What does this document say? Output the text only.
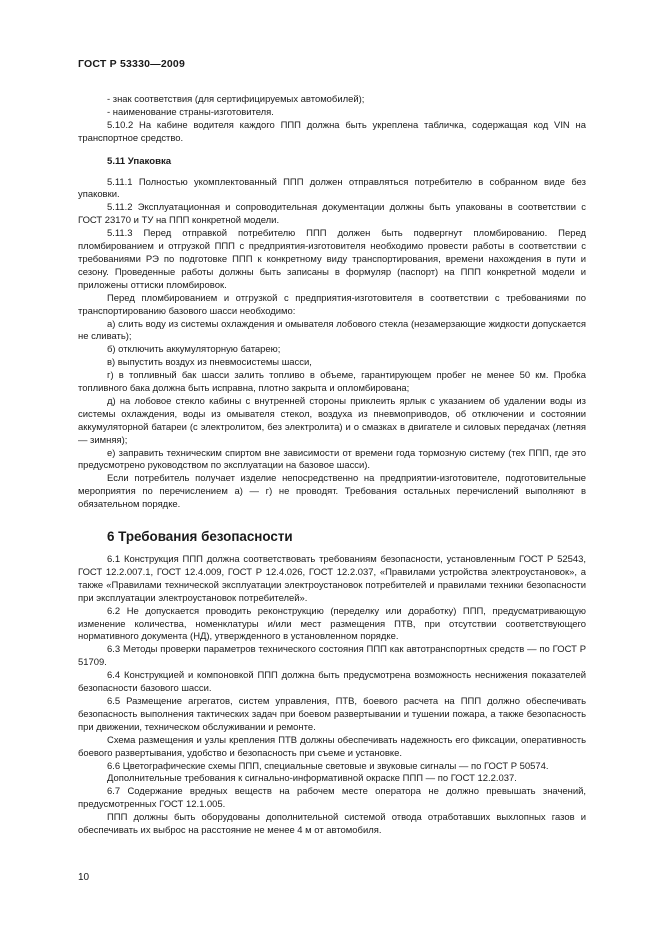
ГОСТ Р 53330—2009

- знак соответствия (для сертифицируемых автомобилей);

- наименование страны-изготовителя.

5.10.2 На кабине водителя каждого ППП должна быть укреплена табличка, содержащая код VIN на транспортное средство.

5.11 Упаковка

5.11.1 Полностью укомплектованный ППП должен отправляться потребителю в собранном виде без упаковки.

5.11.2 Эксплуатационная и сопроводительная документации должны быть упакованы в соответствии с ГОСТ 23170 и ТУ на ППП конкретной модели.

5.11.3 Перед отправкой потребителю ППП должен быть подвергнут пломбированию. Перед пломбированием и отгрузкой ППП с предприятия-изготовителя необходимо провести работы в соответствии с требованиями РЭ по подготовке ППП к конкретному виду транспортирования, времени нахождения в пути и сезону. Проведенные работы должны быть записаны в формуляр (паспорт) на ППП конкретной модели и приложены оттиски пломбировок.

Перед пломбированием и отгрузкой с предприятия-изготовителя в соответствии с требованиями по транспортированию базового шасси необходимо:

а) слить воду из системы охлаждения и омывателя лобового стекла (незамерзающие жидкости допускается не сливать);

б) отключить аккумуляторную батарею;

в) выпустить воздух из пневмосистемы шасси,

г) в топливный бак шасси залить топливо в объеме, гарантирующем пробег не менее 50 км. Пробка топливного бака должна быть исправна, плотно закрыта и опломбирована;

д) на лобовое стекло кабины с внутренней стороны приклеить ярлык с указанием об удалении воды из системы охлаждения, воды из омывателя стекол, воздуха из пневмоприводов, об отключении и состоянии аккумуляторной батареи (с электролитом, без электролита) и о смазках в двигателе и силовых передачах (летняя — зимняя);

е) заправить техническим спиртом вне зависимости от времени года тормозную систему (тех ППП, где это предусмотрено руководством по эксплуатации на базовое шасси).

Если потребитель получает изделие непосредственно на предприятии-изготовителе, подготовительные мероприятия по перечислением а) — г) не проводят. Требования остальных перечислений выполняют в обязательном порядке.

6 Требования безопасности

6.1 Конструкция ППП должна соответствовать требованиям безопасности, установленным ГОСТ Р 52543, ГОСТ 12.2.007.1, ГОСТ 12.4.009, ГОСТ Р 12.4.026, ГОСТ 12.2.037, «Правилами устройства электроустановок», а также «Правилами технической эксплуатации электроустановок потребителей и правилами техники безопасности при эксплуатации электроустановок потребителей».

6.2 Не допускается проводить реконструкцию (переделку или доработку) ППП, предусматривающую изменение количества, номенклатуры и/или мест размещения ПТВ, при отсутствии соответствующего нормативного документа (НД), утвержденного в установленном порядке.

6.3 Методы проверки параметров технического состояния ППП как автотранспортных средств — по ГОСТ Р 51709.

6.4 Конструкцией и компоновкой ППП должна быть предусмотрена возможность неснижения показателей безопасности базового шасси.

6.5 Размещение агрегатов, систем управления, ПТВ, боевого расчета на ППП должно обеспечивать безопасность выполнения тактических задач при боевом развертывании и тушении пожара, а также безопасность при движении, техническом обслуживании и ремонте.

Схема размещения и узлы крепления ПТВ должны обеспечивать надежность его фиксации, оперативность боевого развертывания, удобство и безопасность при съеме и установке.

6.6 Цветографические схемы ППП, специальные световые и звуковые сигналы — по ГОСТ Р 50574.

Дополнительные требования к сигнально-информативной окраске ППП — по ГОСТ 12.2.037.

6.7 Содержание вредных веществ на рабочем месте оператора не должно превышать значений, предусмотренных ГОСТ 12.1.005.

ППП должны быть оборудованы дополнительной системой отвода отработавших выхлопных газов и обеспечивать их выброс на расстояние не менее 4 м от автомобиля.

10
